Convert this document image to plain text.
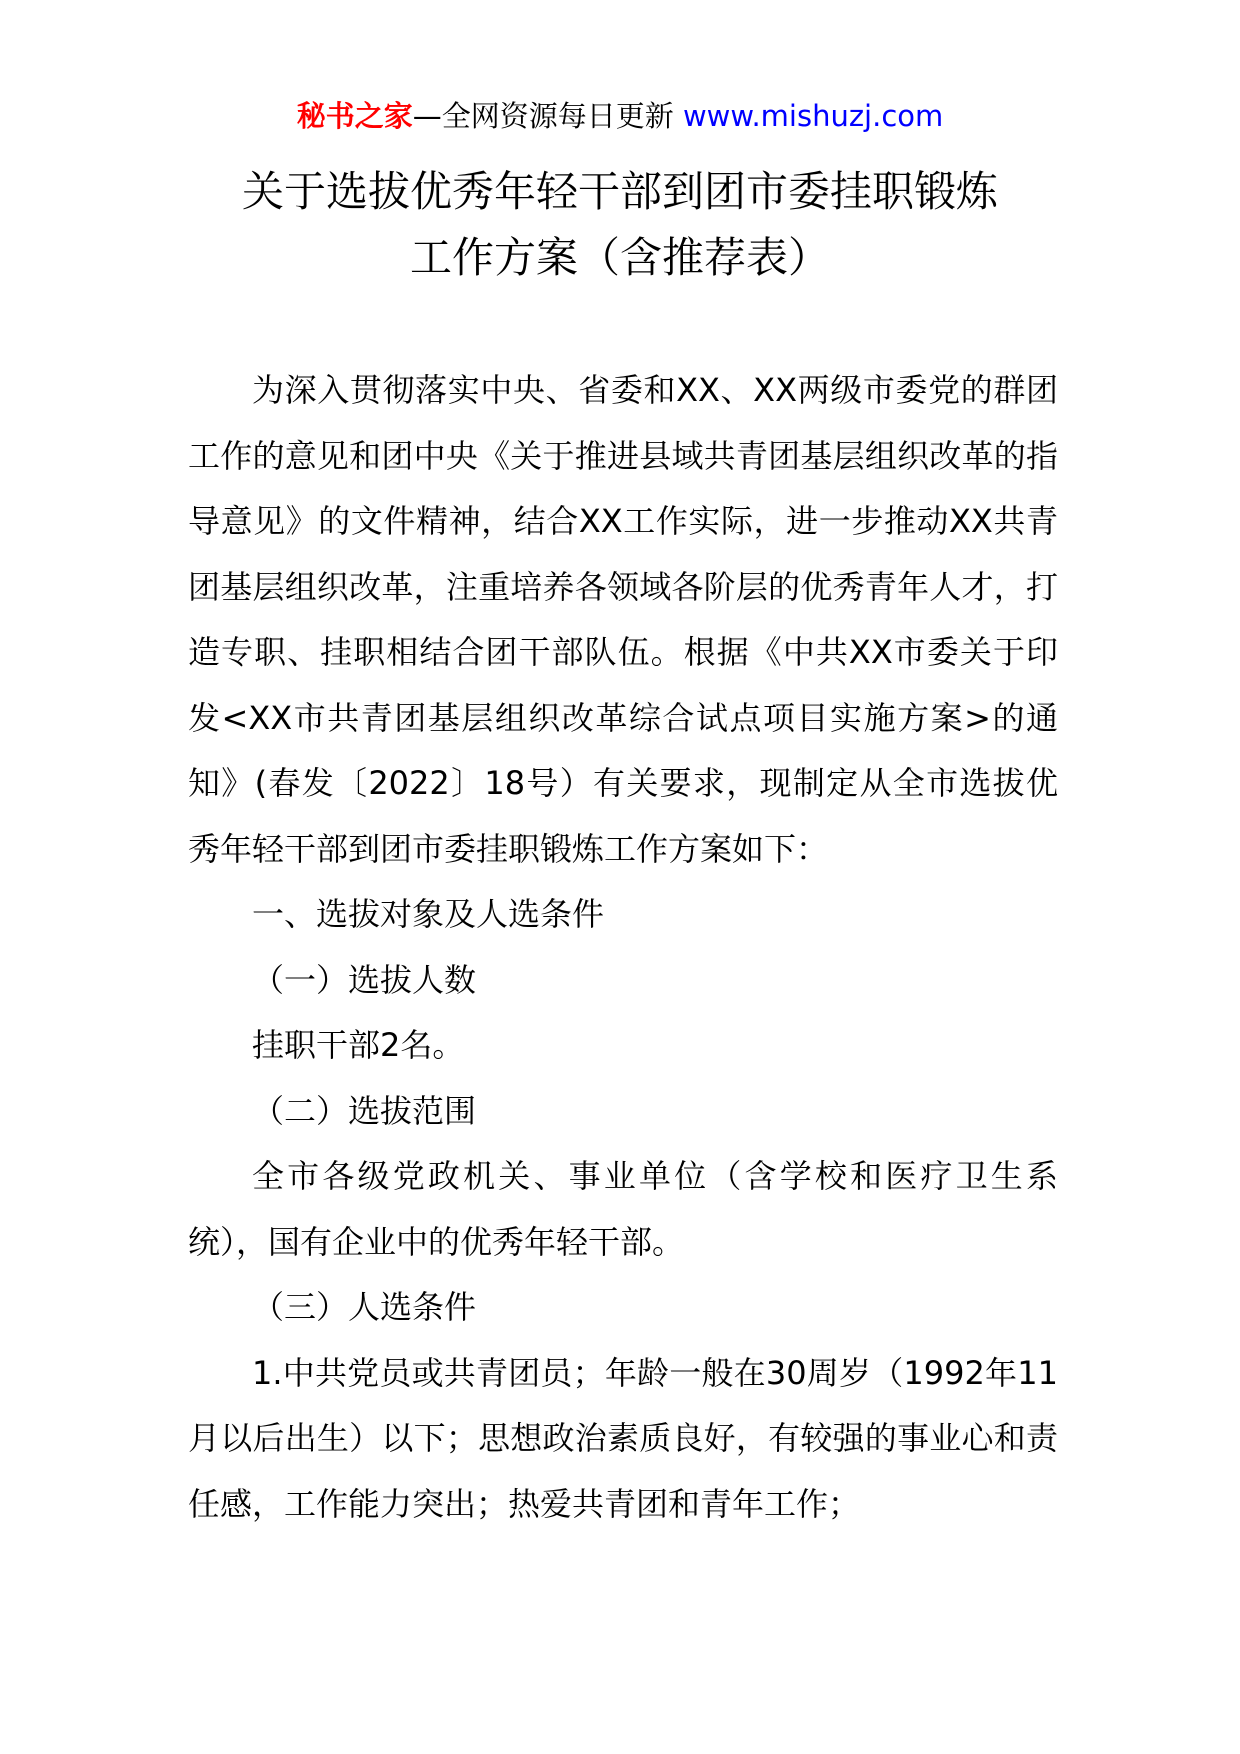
秘书之家—全网资源每日更新 www.mishuzj.com
关于选拔优秀年轻干部到团市委挂职锻炼
工作方案（含推荐表）

为深入贯彻落实中央、省委和XX、XX两级市委党的群团工作的意见和团中央《关于推进县域共青团基层组织改革的指导意见》的文件精神，结合XX工作实际，进一步推动XX共青团基层组织改革，注重培养各领域各阶层的优秀青年人才，打造专职、挂职相结合团干部队伍。根据《中共XX市委关于印发<XX市共青团基层组织改革综合试点项目实施方案>的通知》(春发〔2022〕18号）有关要求，现制定从全市选拔优秀年轻干部到团市委挂职锻炼工作方案如下：

一、选拔对象及人选条件

（一）选拔人数

挂职干部2名。

（二）选拔范围

全市各级党政机关、事业单位（含学校和医疗卫生系统），国有企业中的优秀年轻干部。

（三）人选条件

1.中共党员或共青团员；年龄一般在30周岁（1992年11月以后出生）以下；思想政治素质良好，有较强的事业心和责任感，工作能力突出；热爱共青团和青年工作；
